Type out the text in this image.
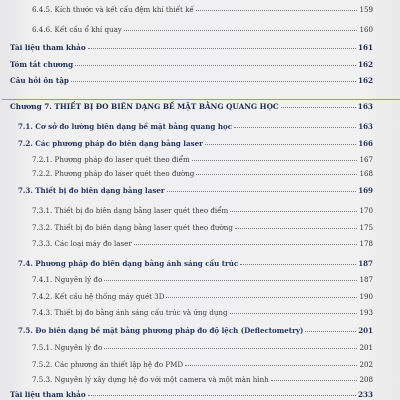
6.4.5. Kích thước và kết cấu đệm khí thiết kế	159
6.4.6. Kết cấu ổ khí quay	160
Tài liệu tham khảo	161
Tóm tắt chương	162
Câu hỏi ôn tập	162
Chương 7. THIẾT BỊ ĐO BIÊN DẠNG BỀ MẶT BẰNG QUANG HỌC	163
7.1. Cơ sở đo lường biên dạng bề mặt bằng quang học	163
7.2. Các phương pháp đo biên dạng bằng laser	166
7.2.1. Phương pháp đo laser quét theo điểm	167
7.2.2. Phương pháp đo laser quét theo đường	168
7.3. Thiết bị đo biên dạng bằng laser	169
7.3.1. Thiết bị đo biên dạng bằng laser quét theo điểm	170
7.3.2. Thiết bị đo biên dạng bằng laser quét theo đường	175
7.3.3. Các loại máy đo laser	178
7.4. Phương pháp đo biên dạng bằng ánh sáng cấu trúc	187
7.4.1. Nguyên lý đo	187
7.4.2. Kết cấu hệ thống máy quét 3D	190
7.4.3. Thiết bị đo bằng ánh sáng cấu trúc và ứng dụng	193
7.5. Đo biên dạng bề mặt bằng phương pháp đo độ lệch (Deflectometry)	201
7.5.1. Nguyên lý đo	201
7.5.2. Các phương án thiết lập hệ đo PMD	202
7.5.3. Nguyên lý xây dựng hệ đo với một camera và một màn hình	208
Tài liệu tham khảo	233
